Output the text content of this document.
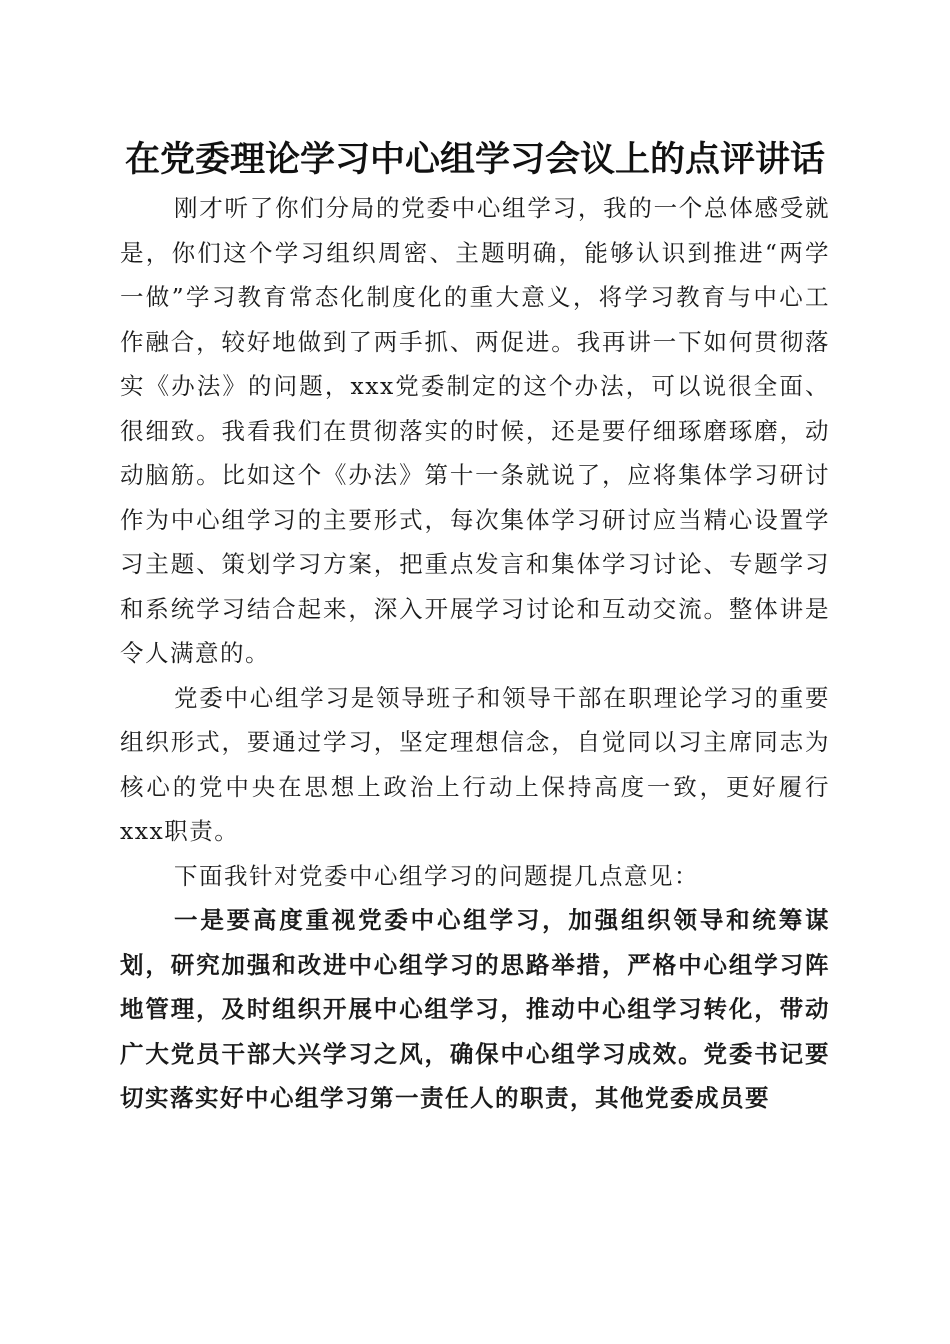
在党委理论学习中心组学习会议上的点评讲话

刚才听了你们分局的党委中心组学习，我的一个总体感受就是，你们这个学习组织周密、主题明确，能够认识到推进“两学一做”学习教育常态化制度化的重大意义，将学习教育与中心工作融合，较好地做到了两手抓、两促进。我再讲一下如何贯彻落实《办法》的问题，xxx党委制定的这个办法，可以说很全面、很细致。我看我们在贯彻落实的时候，还是要仔细琢磨琢磨，动动脑筋。比如这个《办法》第十一条就说了，应将集体学习研讨作为中心组学习的主要形式，每次集体学习研讨应当精心设置学习主题、策划学习方案，把重点发言和集体学习讨论、专题学习和系统学习结合起来，深入开展学习讨论和互动交流。整体讲是令人满意的。

党委中心组学习是领导班子和领导干部在职理论学习的重要组织形式，要通过学习，坚定理想信念，自觉同以习主席同志为核心的党中央在思想上政治上行动上保持高度一致，更好履行xxx职责。

下面我针对党委中心组学习的问题提几点意见：

一是要高度重视党委中心组学习，加强组织领导和统筹谋划，研究加强和改进中心组学习的思路举措，严格中心组学习阵地管理，及时组织开展中心组学习，推动中心组学习转化，带动广大党员干部大兴学习之风，确保中心组学习成效。党委书记要切实落实好中心组学习第一责任人的职责，其他党委成员要
